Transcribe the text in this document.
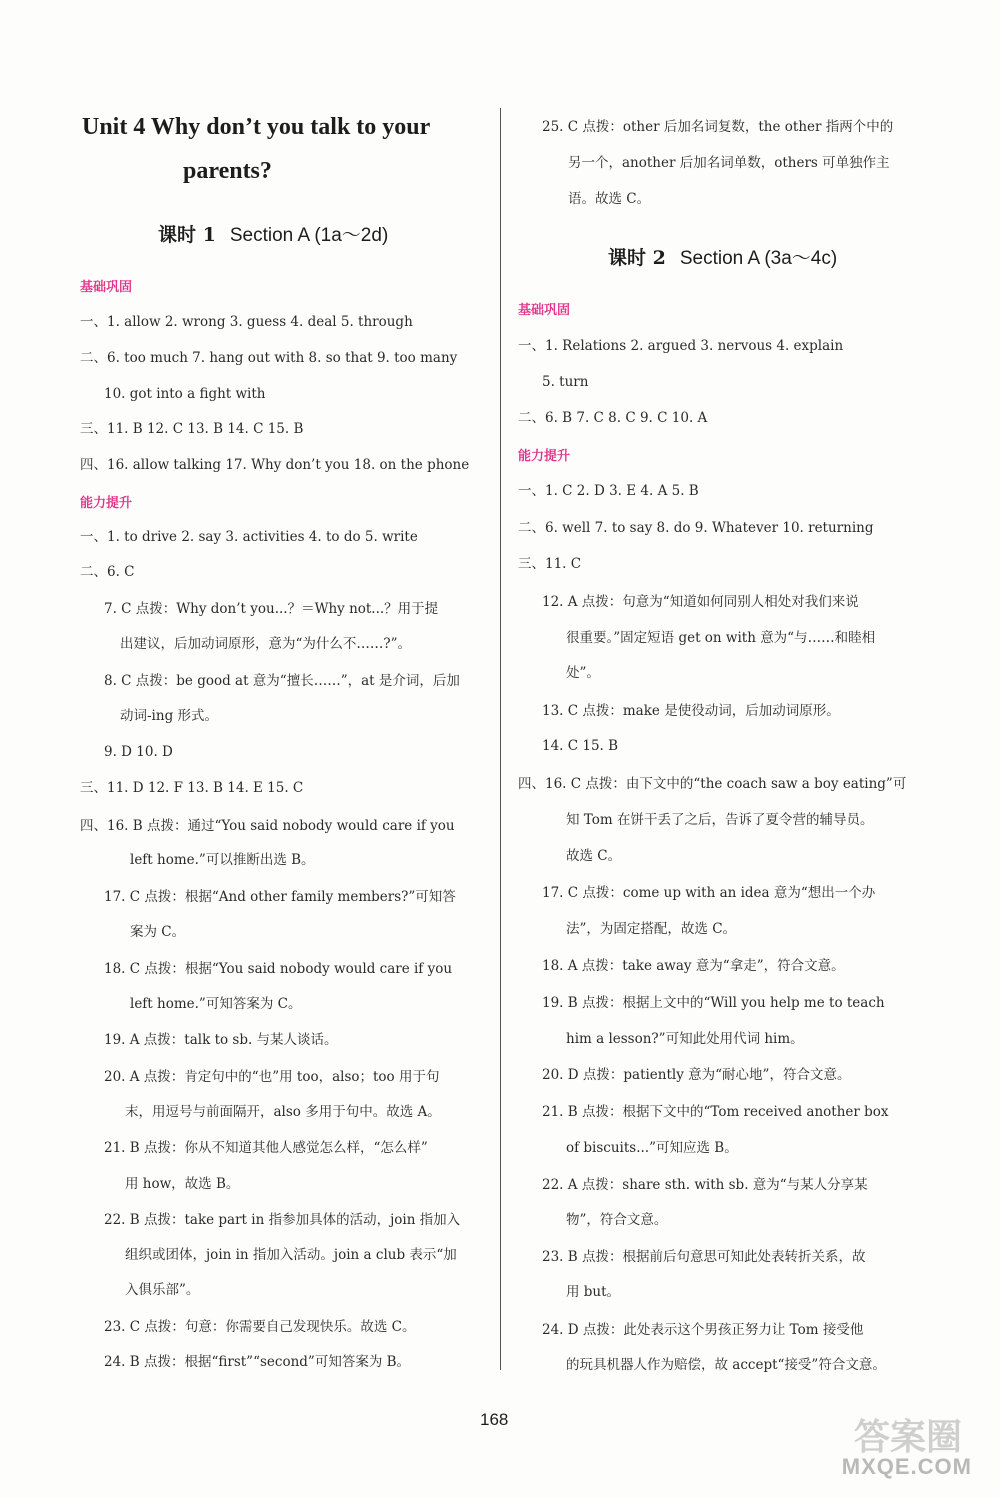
Unit 4 Why don’t you talk to your
parents?
课时 1 Section A (1a～2d)
基础巩固
一、1. allow 2. wrong 3. guess 4. deal 5. through
二、6. too much 7. hang out with 8. so that 9. too many
10. got into a fight with
三、11. B 12. C 13. B 14. C 15. B
四、16. allow talking 17. Why don’t you 18. on the phone
能力提升
一、1. to drive 2. say 3. activities 4. to do 5. write
二、6. C
7. C 点拨：Why don’t you...？＝Why not...？用于提
出建议，后加动词原形，意为“为什么不……?”。
8. C 点拨：be good at 意为“擅长……”，at 是介词，后加
动词-ing 形式。
9. D 10. D
三、11. D 12. F 13. B 14. E 15. C
四、16. B 点拨：通过“You said nobody would care if you
left home.”可以推断出选 B。
17. C 点拨：根据“And other family members?”可知答
案为 C。
18. C 点拨：根据“You said nobody would care if you
left home.”可知答案为 C。
19. A 点拨：talk to sb. 与某人谈话。
20. A 点拨：肯定句中的“也”用 too，also；too 用于句
末，用逗号与前面隔开，also 多用于句中。故选 A。
21. B 点拨：你从不知道其他人感觉怎么样，“怎么样”
用 how，故选 B。
22. B 点拨：take part in 指参加具体的活动，join 指加入
组织或团体，join in 指加入活动。join a club 表示“加
入俱乐部”。
23. C 点拨：句意：你需要自己发现快乐。故选 C。
24. B 点拨：根据“first”“second”可知答案为 B。
25. C 点拨：other 后加名词复数，the other 指两个中的
另一个，another 后加名词单数，others 可单独作主
语。故选 C。
课时 2 Section A (3a～4c)
基础巩固
一、1. Relations 2. argued 3. nervous 4. explain
5. turn
二、6. B 7. C 8. C 9. C 10. A
能力提升
一、1. C 2. D 3. E 4. A 5. B
二、6. well 7. to say 8. do 9. Whatever 10. returning
三、11. C
12. A 点拨：句意为“知道如何同别人相处对我们来说
很重要。”固定短语 get on with 意为“与……和睦相
处”。
13. C 点拨：make 是使役动词，后加动词原形。
14. C 15. B
四、16. C 点拨：由下文中的“the coach saw a boy eating”可
知 Tom 在饼干丢了之后，告诉了夏令营的辅导员。
故选 C。
17. C 点拨：come up with an idea 意为“想出一个办
法”，为固定搭配，故选 C。
18. A 点拨：take away 意为“拿走”，符合文意。
19. B 点拨：根据上文中的“Will you help me to teach
him a lesson?”可知此处用代词 him。
20. D 点拨：patiently 意为“耐心地”，符合文意。
21. B 点拨：根据下文中的“Tom received another box
of biscuits...”可知应选 B。
22. A 点拨：share sth. with sb. 意为“与某人分享某
物”，符合文意。
23. B 点拨：根据前后句意思可知此处表转折关系，故
用 but。
24. D 点拨：此处表示这个男孩正努力让 Tom 接受他
的玩具机器人作为赔偿，故 accept“接受”符合文意。
168	答案圈
MXQE.COM
